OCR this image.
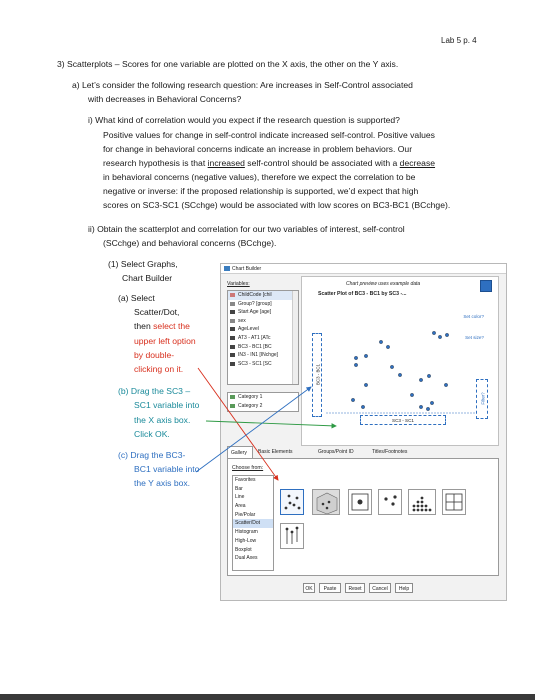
Lab 5 p. 4
3) Scatterplots – Scores for one variable are plotted on the X axis, the other on the Y axis.
a) Let’s consider the following research question: Are increases in Self-Control associated
with decreases in Behavioral Concerns?
i) What kind of correlation would you expect if the research question is supported?
Positive values for change in self-control indicate increased self-control. Positive values
for change in behavioral concerns indicate an increase in problem behaviors. Our
research hypothesis is that increased self-control should be associated with a decrease
in behavioral concerns (negative values), therefore we expect the correlation to be
negative or inverse: if the proposed relationship is supported, we’d expect that high
scores on SC3-SC1 (SCchge) would be associated with low scores on BC3-BC1 (BCchge).
ii) Obtain the scatterplot and correlation for our two variables of interest, self-control
(SCchge) and behavioral concerns (BCchge).
(1) Select Graphs,
Chart Builder
(a) Select
Scatter/Dot,
then select the
upper left option
by double-
clicking on it.
(b) Drag the SC3 –
SC1 variable into
the X axis box.
Click OK.
(c) Drag the BC3-
BC1 variable into
the Y axis box.
Chart Builder
Variables:
ChildCode [chil
Group? [group]
Start Age [age]
sex
AgeLevel
AT3 - AT1 [ATc
BC3 - BC1 [BC
IN3 - IN1 [INchge]
SC3 - SC1 [SC
Category 1
Category 2
Chart preview uses example data
Scatter Plot of BC3 - BC1 by SC3 -...
Set color?
Set size?
BC3 - BC1
Filter?
SC3 - SC1
Gallery	Basic Elements	Groups/Point ID	Titles/Footnotes
Choose from:
Favorites
Bar
Line
Area
Pie/Polar
Scatter/Dot
Histogram
High-Low
Boxplot
Dual Axes
OK	Paste	Reset	Cancel	Help
